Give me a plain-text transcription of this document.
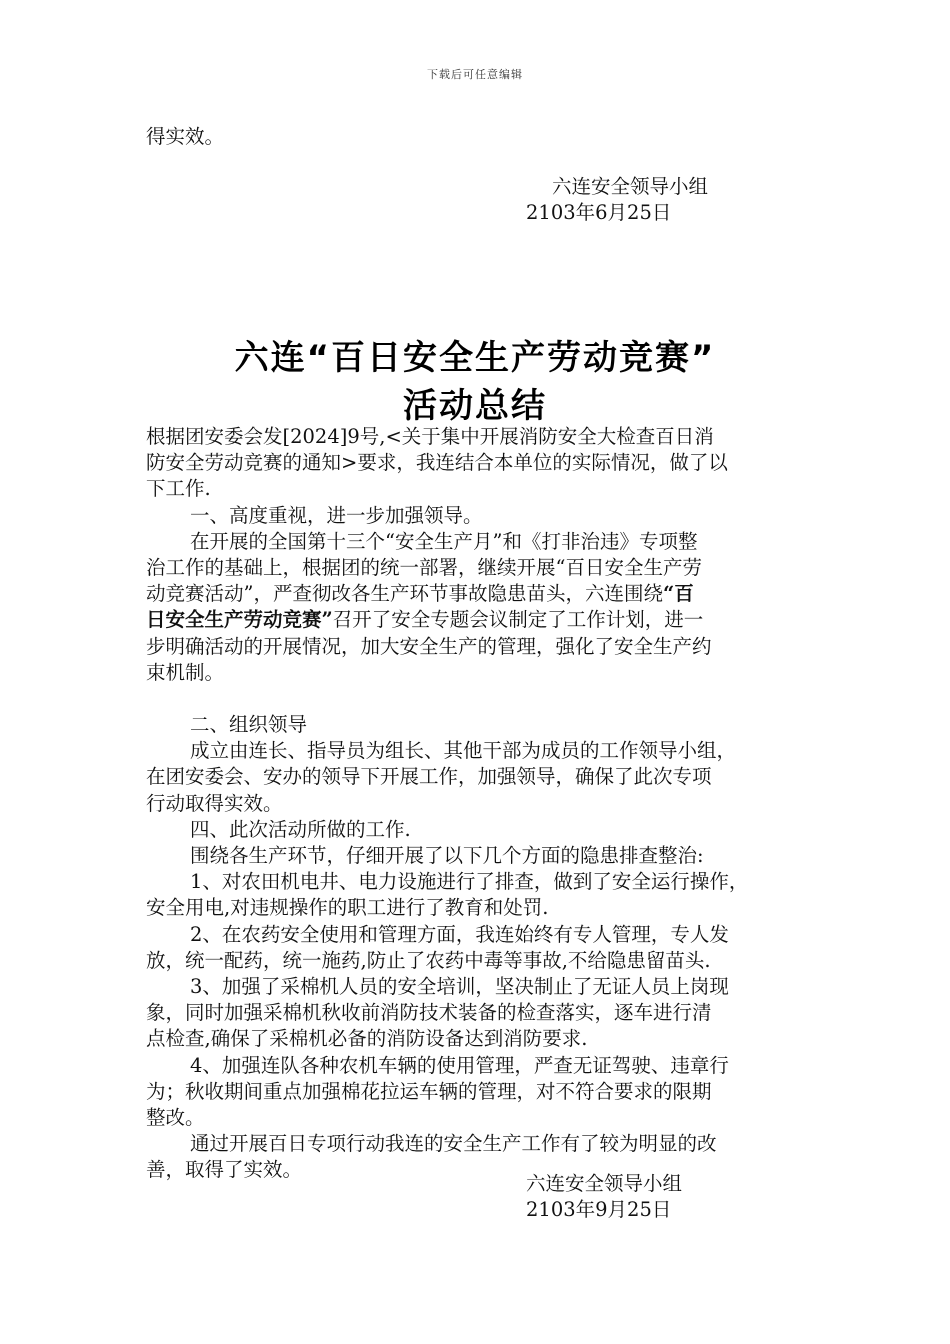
下载后可任意编辑
得实效。
六连安全领导小组
2103年6月25日
六连“百日安全生产劳动竞赛”
活动总结
根据团安委会发[2024]9号,<关于集中开展消防安全大检查百日消
防安全劳动竞赛的通知>要求，我连结合本单位的实际情况，做了以
下工作.
一、高度重视，进一步加强领导。
在开展的全国第十三个“安全生产月”和《打非治违》专项整
治工作的基础上，根据团的统一部署，继续开展“百日安全生产劳
动竞赛活动”，严查彻改各生产环节事故隐患苗头，六连围绕“百
日安全生产劳动竞赛”召开了安全专题会议制定了工作计划，进一
步明确活动的开展情况，加大安全生产的管理，强化了安全生产约
束机制。
二、组织领导
成立由连长、指导员为组长、其他干部为成员的工作领导小组，
在团安委会、安办的领导下开展工作，加强领导，确保了此次专项
行动取得实效。
四、此次活动所做的工作.
围绕各生产环节，仔细开展了以下几个方面的隐患排查整治:
1、对农田机电井、电力设施进行了排查，做到了安全运行操作，
安全用电,对违规操作的职工进行了教育和处罚.
2、在农药安全使用和管理方面，我连始终有专人管理，专人发
放，统一配药，统一施药,防止了农药中毒等事故,不给隐患留苗头.
3、加强了采棉机人员的安全培训，坚决制止了无证人员上岗现
象，同时加强采棉机秋收前消防技术装备的检查落实，逐车进行清
点检查,确保了采棉机必备的消防设备达到消防要求.
4、加强连队各种农机车辆的使用管理，严查无证驾驶、违章行
为；秋收期间重点加强棉花拉运车辆的管理，对不符合要求的限期
整改。
通过开展百日专项行动我连的安全生产工作有了较为明显的改
善，取得了实效。
六连安全领导小组
2103年9月25日
